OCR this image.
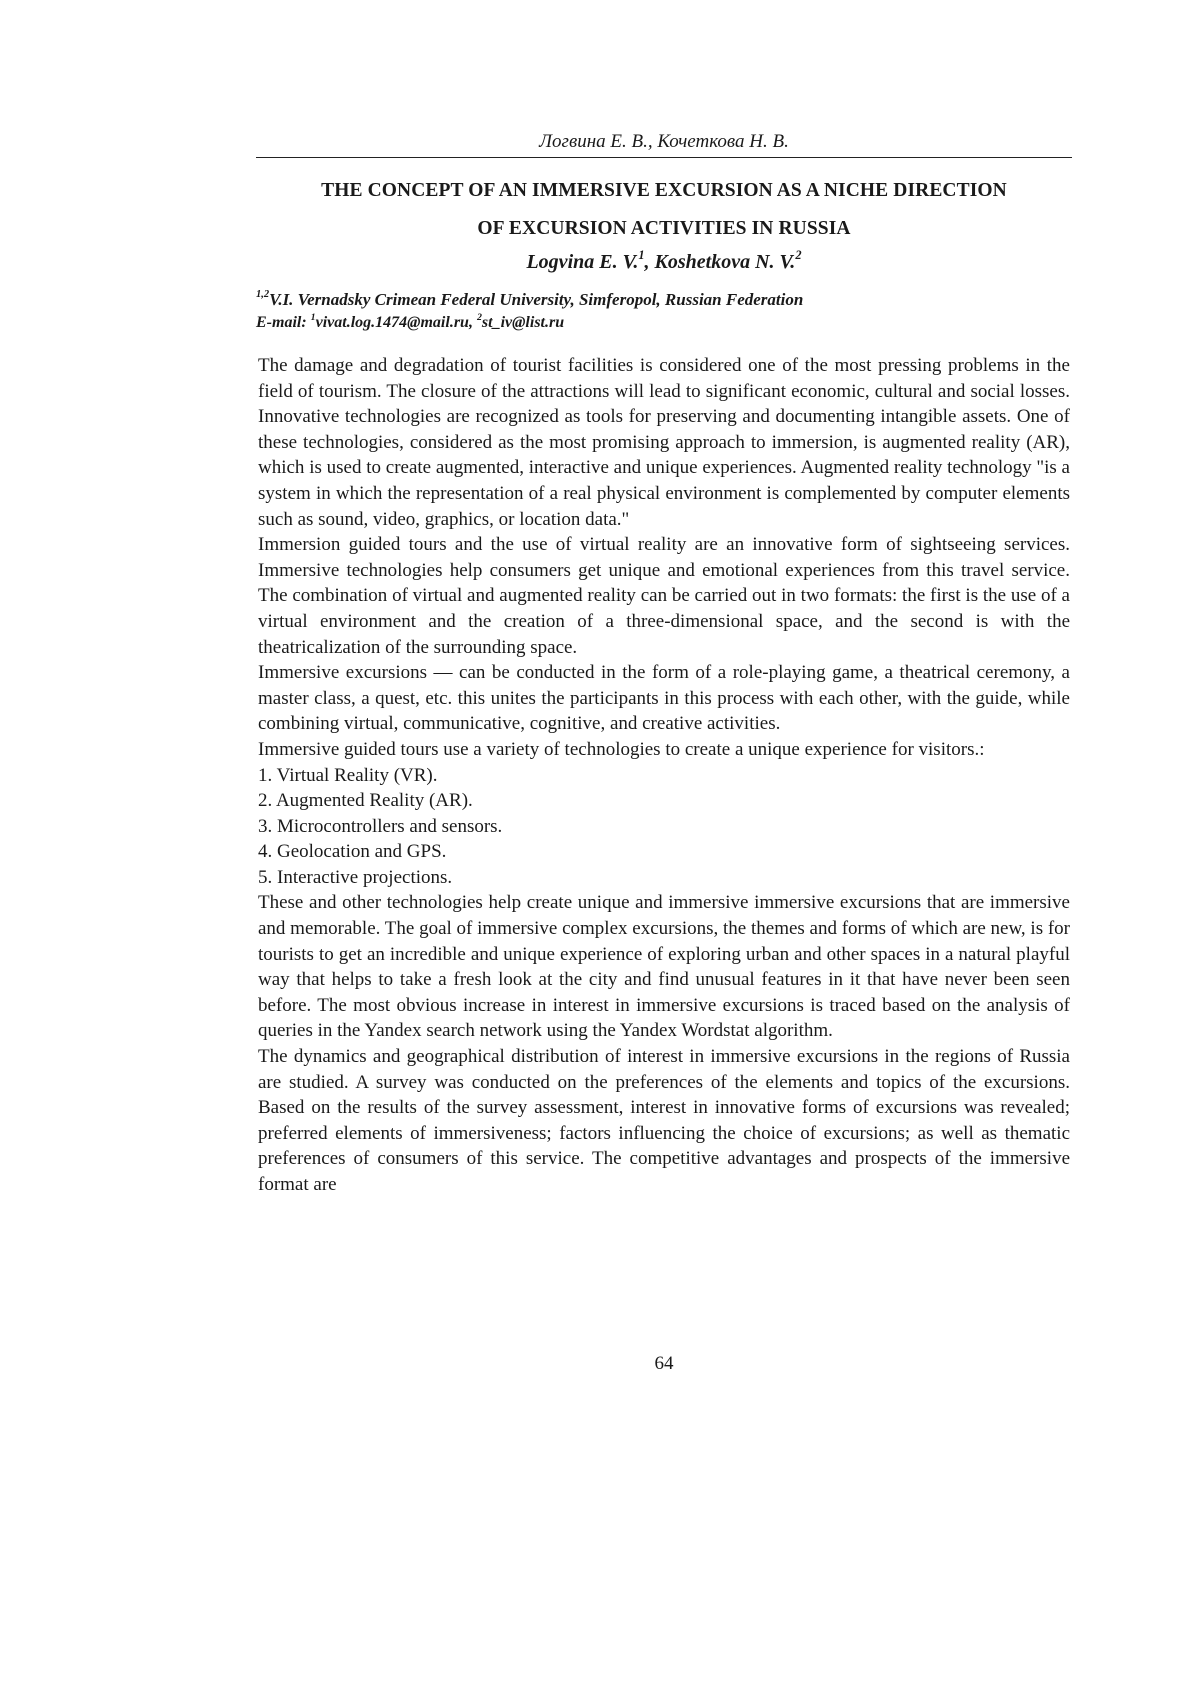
Логвина Е. В., Кочеткова Н. В.
THE CONCEPT OF AN IMMERSIVE EXCURSION AS A NICHE DIRECTION
OF EXCURSION ACTIVITIES IN RUSSIA
Logvina E. V.1, Koshetkova N. V.2
1,2V.I. Vernadsky Crimean Federal University, Simferopol, Russian Federation
E-mail: 1vivat.log.1474@mail.ru, 2st_iv@list.ru

The damage and degradation of tourist facilities is considered one of the most pressing problems in the field of tourism. The closure of the attractions will lead to significant economic, cultural and social losses. Innovative technologies are recognized as tools for preserving and documenting intangible assets. One of these technologies, considered as the most promising approach to immersion, is augmented reality (AR), which is used to create augmented, interactive and unique experiences. Augmented reality technology "is a system in which the representation of a real physical environment is complemented by computer elements such as sound, video, graphics, or location data."

Immersion guided tours and the use of virtual reality are an innovative form of sightseeing services. Immersive technologies help consumers get unique and emotional experiences from this travel service. The combination of virtual and augmented reality can be carried out in two formats: the first is the use of a virtual environment and the creation of a three-dimensional space, and the second is with the theatricalization of the surrounding space.

Immersive excursions — can be conducted in the form of a role-playing game, a theatrical ceremony, a master class, a quest, etc. this unites the participants in this process with each other, with the guide, while combining virtual, communicative, cognitive, and creative activities.

Immersive guided tours use a variety of technologies to create a unique experience for visitors.:

1. Virtual Reality (VR).

2. Augmented Reality (AR).

3. Microcontrollers and sensors.

4. Geolocation and GPS.

5. Interactive projections.

These and other technologies help create unique and immersive immersive excursions that are immersive and memorable. The goal of immersive complex excursions, the themes and forms of which are new, is for tourists to get an incredible and unique experience of exploring urban and other spaces in a natural playful way that helps to take a fresh look at the city and find unusual features in it that have never been seen before. The most obvious increase in interest in immersive excursions is traced based on the analysis of queries in the Yandex search network using the Yandex Wordstat algorithm.

The dynamics and geographical distribution of interest in immersive excursions in the regions of Russia are studied. A survey was conducted on the preferences of the elements and topics of the excursions. Based on the results of the survey assessment, interest in innovative forms of excursions was revealed; preferred elements of immersiveness; factors influencing the choice of excursions; as well as thematic preferences of consumers of this service. The competitive advantages and prospects of the immersive format are

64
